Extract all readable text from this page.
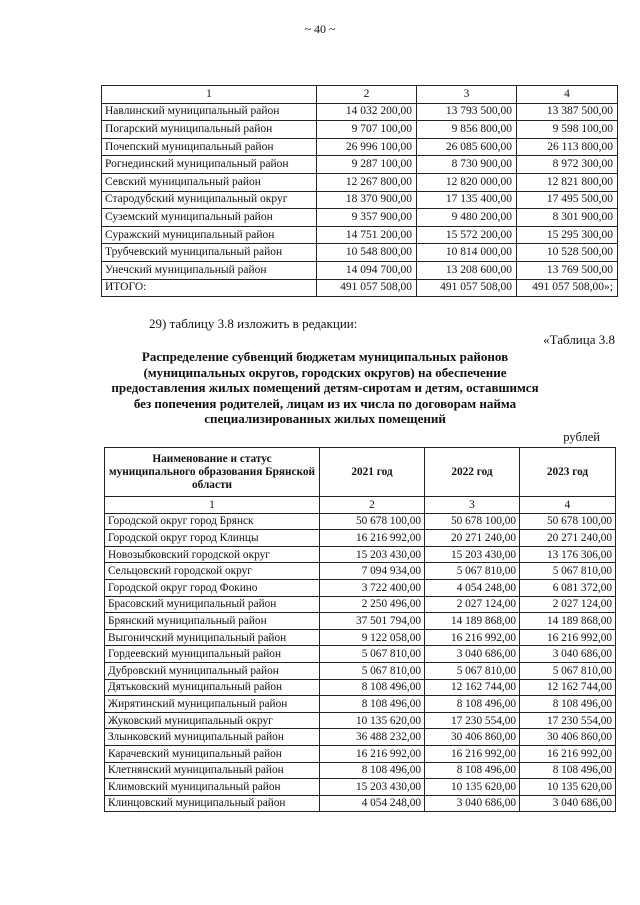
~ 40 ~
1	2	3	4
Навлинский муниципальный район	14 032 200,00	13 793 500,00	13 387 500,00
Погарский муниципальный район	9 707 100,00	9 856 800,00	9 598 100,00
Почепский муниципальный район	26 996 100,00	26 085 600,00	26 113 800,00
Рогнединский муниципальный район	9 287 100,00	8 730 900,00	8 972 300,00
Севский муниципальный район	12 267 800,00	12 820 000,00	12 821 800,00
Стародубский муниципальный округ	18 370 900,00	17 135 400,00	17 495 500,00
Суземский муниципальный район	9 357 900,00	9 480 200,00	8 301 900,00
Суражский муниципальный район	14 751 200,00	15 572 200,00	15 295 300,00
Трубчевский муниципальный район	10 548 800,00	10 814 000,00	10 528 500,00
Унечский муниципальный район	14 094 700,00	13 208 600,00	13 769 500,00
ИТОГО:	491 057 508,00	491 057 508,00	491 057 508,00»;
29) таблицу 3.8 изложить в редакции:
«Таблица 3.8
Распределение субвенций бюджетам муниципальных районов
(муниципальных округов, городских округов) на обеспечение
предоставления жилых помещений детям-сиротам и детям, оставшимся
без попечения родителей, лицам из их числа по договорам найма
специализированных жилых помещений
рублей
Наименование и статус муниципального образования Брянской области	2021 год	2022 год	2023 год
1	2	3	4
Городской округ город Брянск	50 678 100,00	50 678 100,00	50 678 100,00
Городской округ город Клинцы	16 216 992,00	20 271 240,00	20 271 240,00
Новозыбковский городской округ	15 203 430,00	15 203 430,00	13 176 306,00
Сельцовский городской округ	7 094 934,00	5 067 810,00	5 067 810,00
Городской округ город Фокино	3 722 400,00	4 054 248,00	6 081 372,00
Брасовский муниципальный район	2 250 496,00	2 027 124,00	2 027 124,00
Брянский муниципальный район	37 501 794,00	14 189 868,00	14 189 868,00
Выгоничский муниципальный район	9 122 058,00	16 216 992,00	16 216 992,00
Гордеевский муниципальный район	5 067 810,00	3 040 686,00	3 040 686,00
Дубровский муниципальный район	5 067 810,00	5 067 810,00	5 067 810,00
Дятьковский муниципальный район	8 108 496,00	12 162 744,00	12 162 744,00
Жирятинский муниципальный район	8 108 496,00	8 108 496,00	8 108 496,00
Жуковский муниципальный округ	10 135 620,00	17 230 554,00	17 230 554,00
Злынковский муниципальный район	36 488 232,00	30 406 860,00	30 406 860,00
Карачевский муниципальный район	16 216 992,00	16 216 992,00	16 216 992,00
Клетнянский муниципальный район	8 108 496,00	8 108 496,00	8 108 496,00
Климовский муниципальный район	15 203 430,00	10 135 620,00	10 135 620,00
Клинцовский муниципальный район	4 054 248,00	3 040 686,00	3 040 686,00
